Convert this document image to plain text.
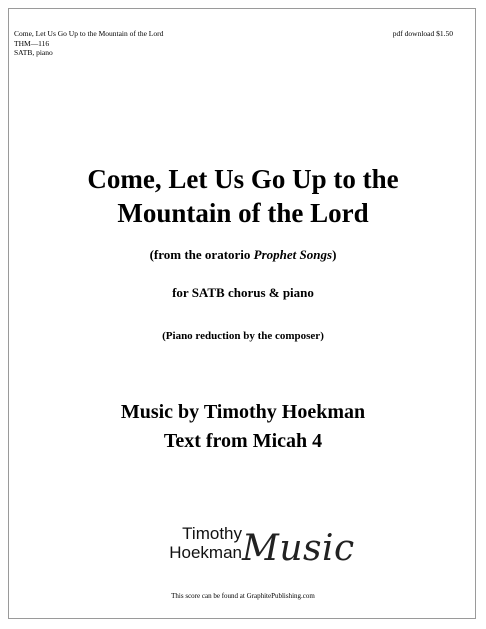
Come, Let Us Go Up to the Mountain of the Lord
THM—116
SATB, piano
pdf download $1.50
Come, Let Us Go Up to the
Mountain of the Lord
(from the oratorio Prophet Songs)
for SATB chorus & piano
(Piano reduction by the composer)
Music by Timothy Hoekman
Text from Micah 4
Timothy
Hoekman Music
This score can be found at GraphitePublishing.com
